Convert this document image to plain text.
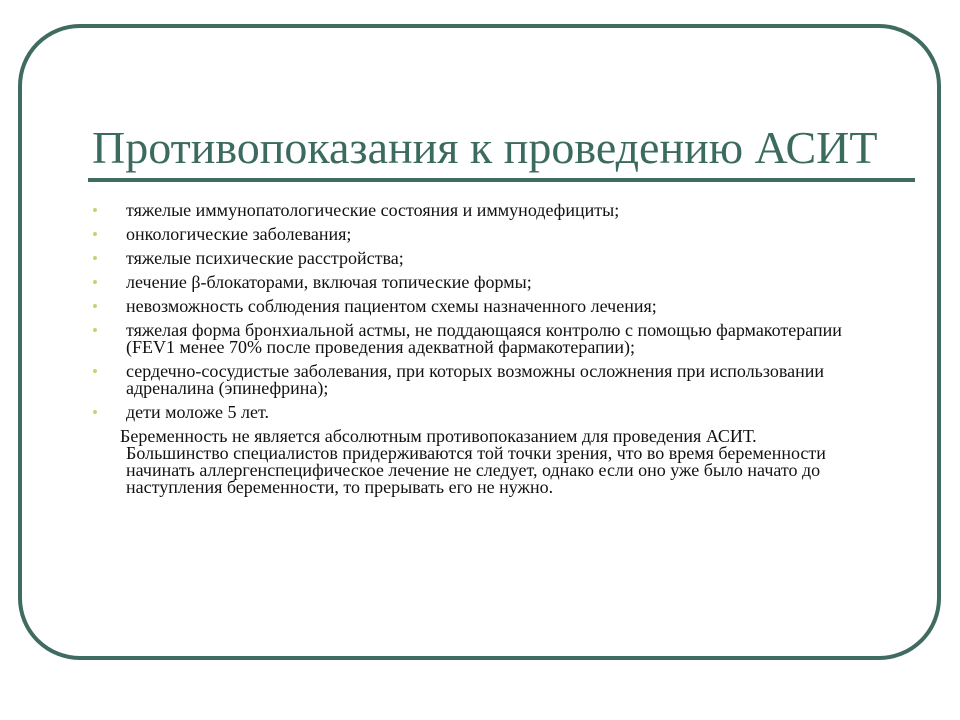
Противопоказания к проведению АСИТ
• тяжелые иммунопатологические состояния и иммунодефициты;
• онкологические заболевания;
• тяжелые психические расстройства;
• лечение β-блокаторами, включая топические формы;
• невозможность соблюдения пациентом схемы назначенного лечения;
• тяжелая форма бронхиальной астмы, не поддающаяся контролю с помощью фармакотерапии (FEV1 менее 70% после проведения адекватной фармакотерапии);
• сердечно-сосудистые заболевания, при которых возможны осложнения при использовании адреналина (эпинефрина);
• дети моложе 5 лет.
Беременность не является абсолютным противопоказанием для проведения АСИТ.
Большинство специалистов придерживаются той точки зрения, что во время беременности начинать аллергенспецифическое лечение не следует, однако если оно уже было начато до наступления беременности, то прерывать его не нужно.
